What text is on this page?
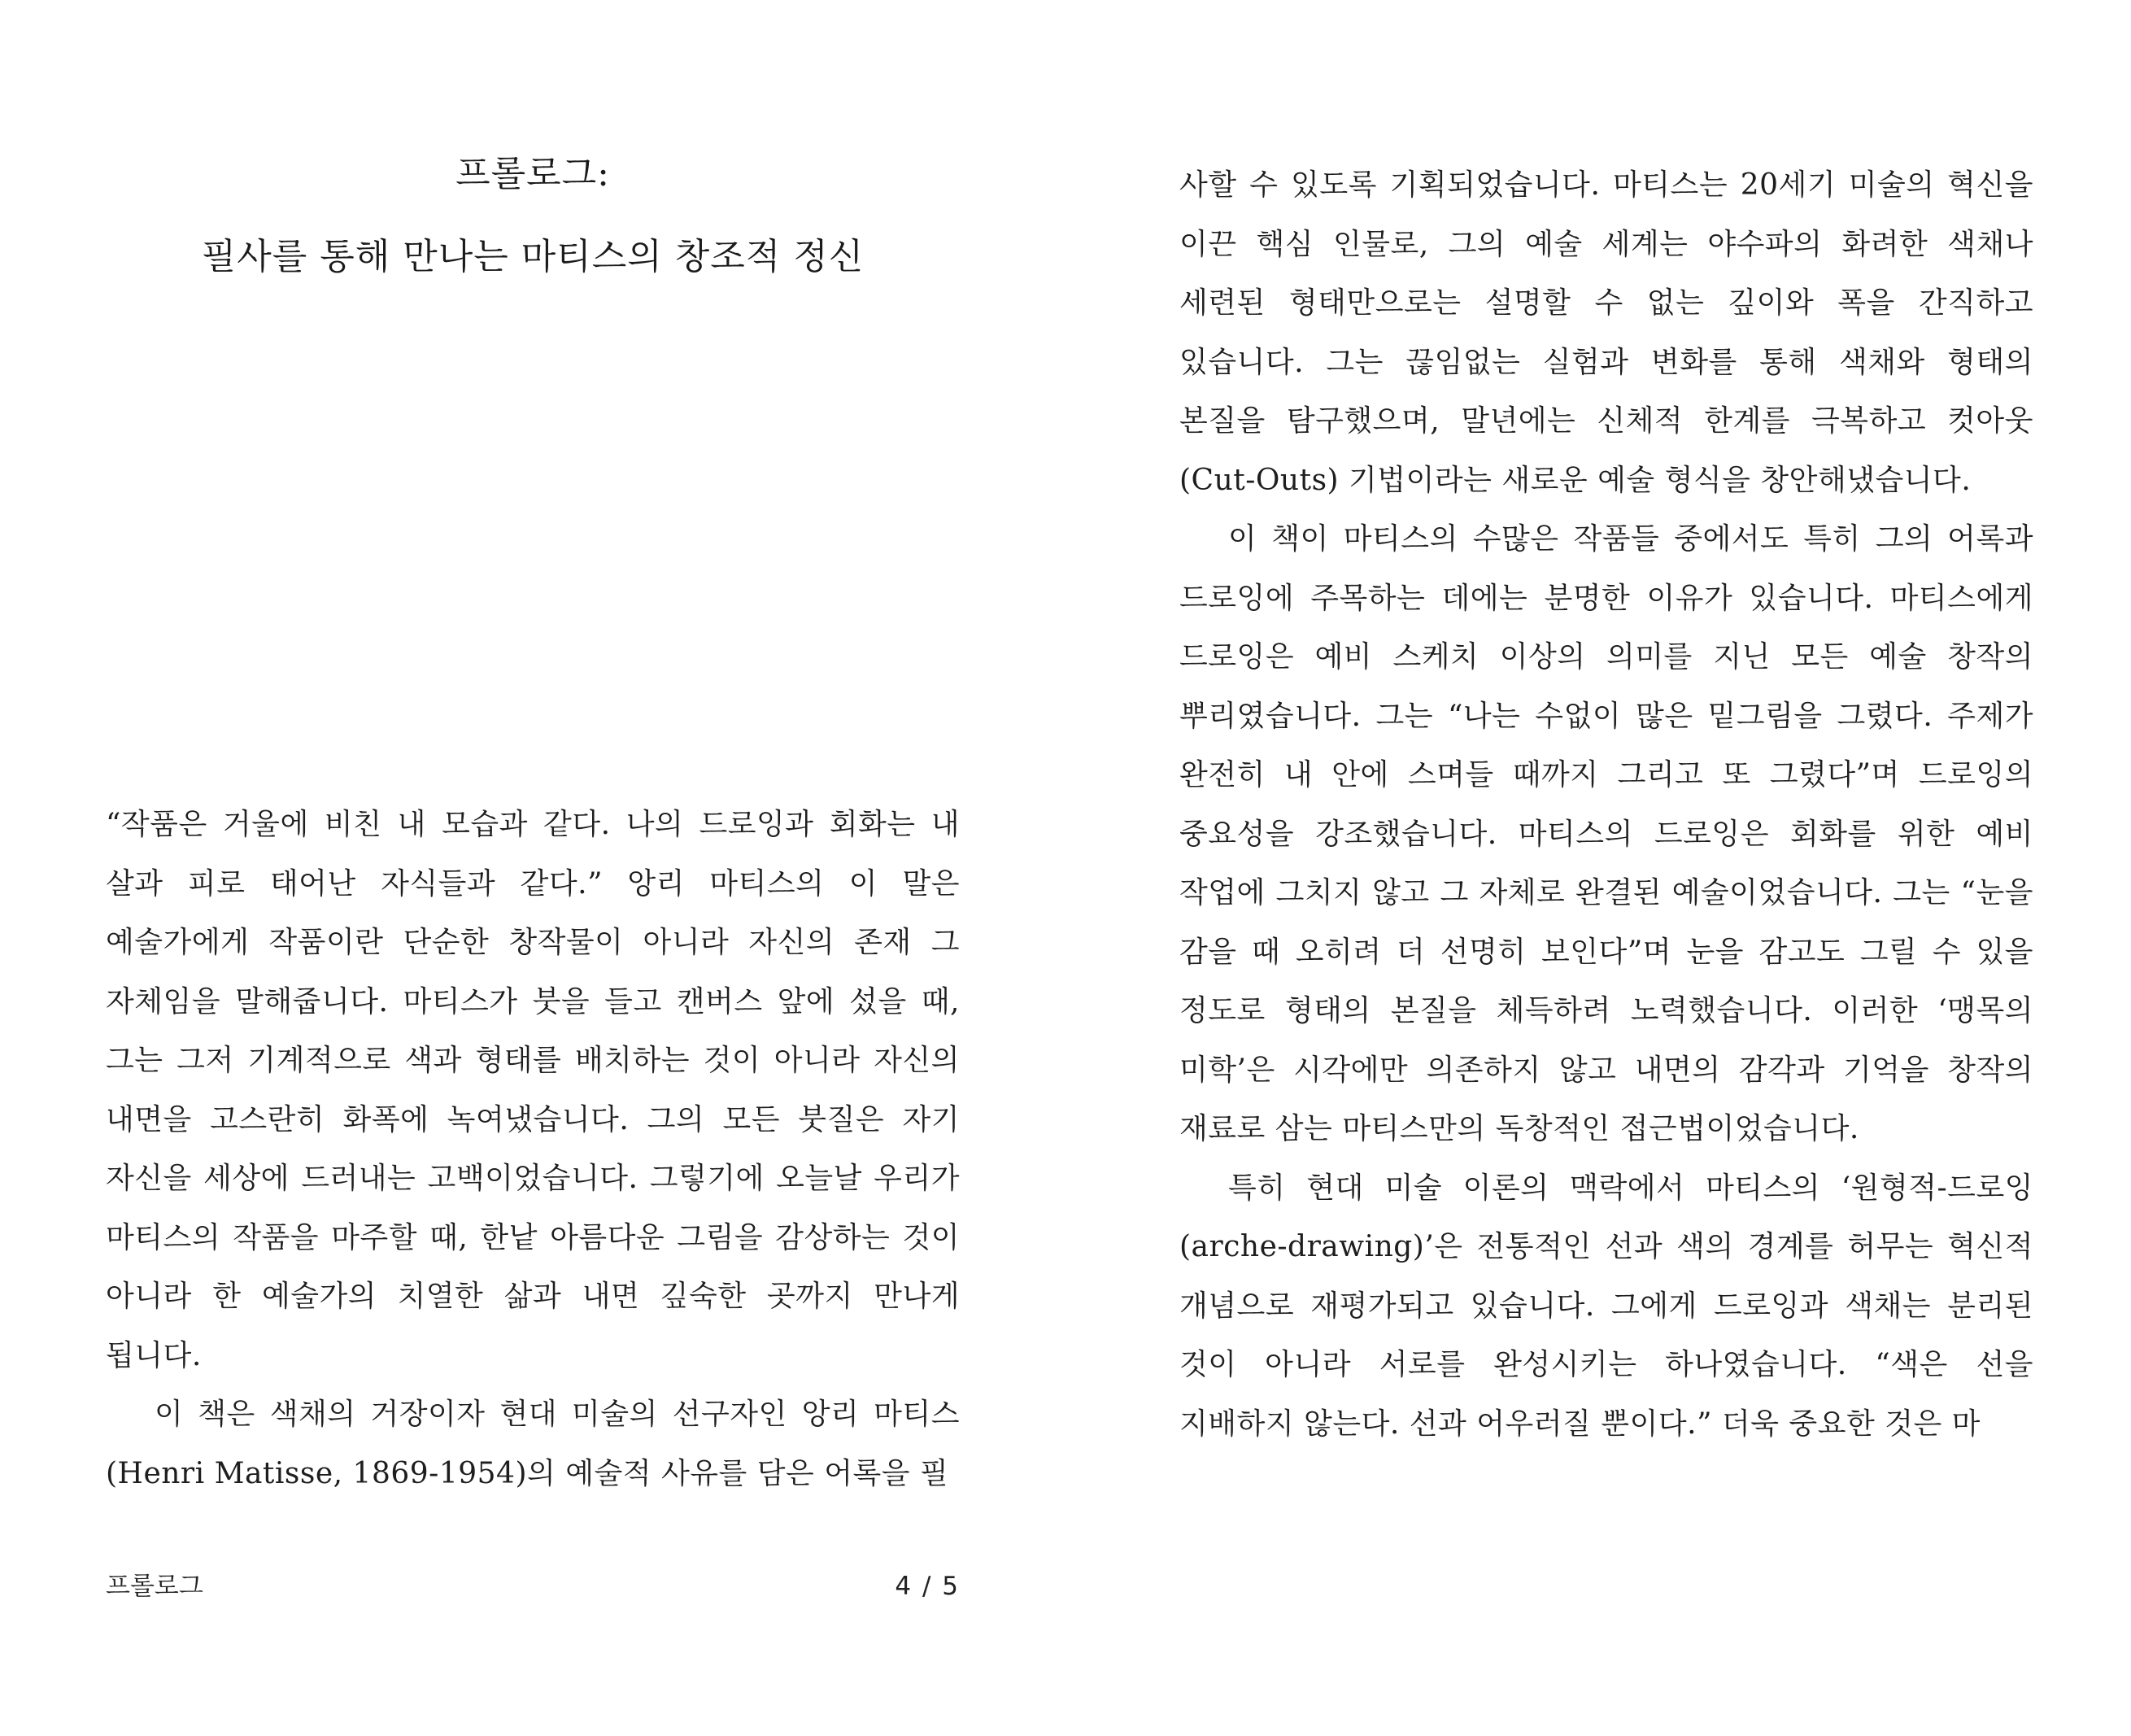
프롤로그:
필사를 통해 만나는 마티스의 창조적 정신

“작품은 거울에 비친 내 모습과 같다. 나의 드로잉과 회화는 내 살과 피로 태어난 자식들과 같다.” 앙리 마티스의 이 말은 예술가에게 작품이란 단순한 창작물이 아니라 자신의 존재 그 자체임을 말해줍니다. 마티스가 붓을 들고 캔버스 앞에 섰을 때, 그는 그저 기계적으로 색과 형태를 배치하는 것이 아니라 자신의 내면을 고스란히 화폭에 녹여냈습니다. 그의 모든 붓질은 자기 자신을 세상에 드러내는 고백이었습니다. 그렇기에 오늘날 우리가 마티스의 작품을 마주할 때, 한낱 아름다운 그림을 감상하는 것이 아니라 한 예술가의 치열한 삶과 내면 깊숙한 곳까지 만나게 됩니다.

이 책은 색채의 거장이자 현대 미술의 선구자인 앙리 마티스(Henri Matisse, 1869-1954)의 예술적 사유를 담은 어록을 필

프롤로그	4 / 5

사할 수 있도록 기획되었습니다. 마티스는 20세기 미술의 혁신을 이끈 핵심 인물로, 그의 예술 세계는 야수파의 화려한 색채나 세련된 형태만으로는 설명할 수 없는 깊이와 폭을 간직하고 있습니다. 그는 끊임없는 실험과 변화를 통해 색채와 형태의 본질을 탐구했으며, 말년에는 신체적 한계를 극복하고 컷아웃(Cut-Outs) 기법이라는 새로운 예술 형식을 창안해냈습니다.

이 책이 마티스의 수많은 작품들 중에서도 특히 그의 어록과 드로잉에 주목하는 데에는 분명한 이유가 있습니다. 마티스에게 드로잉은 예비 스케치 이상의 의미를 지닌 모든 예술 창작의 뿌리였습니다. 그는 “나는 수없이 많은 밑그림을 그렸다. 주제가 완전히 내 안에 스며들 때까지 그리고 또 그렸다”며 드로잉의 중요성을 강조했습니다. 마티스의 드로잉은 회화를 위한 예비 작업에 그치지 않고 그 자체로 완결된 예술이었습니다. 그는 “눈을 감을 때 오히려 더 선명히 보인다”며 눈을 감고도 그릴 수 있을 정도로 형태의 본질을 체득하려 노력했습니다. 이러한 ‘맹목의 미학’은 시각에만 의존하지 않고 내면의 감각과 기억을 창작의 재료로 삼는 마티스만의 독창적인 접근법이었습니다.

특히 현대 미술 이론의 맥락에서 마티스의 ‘원형적-드로잉(arche-drawing)’은 전통적인 선과 색의 경계를 허무는 혁신적 개념으로 재평가되고 있습니다. 그에게 드로잉과 색채는 분리된 것이 아니라 서로를 완성시키는 하나였습니다. “색은 선을 지배하지 않는다. 선과 어우러질 뿐이다.” 더욱 중요한 것은 마
